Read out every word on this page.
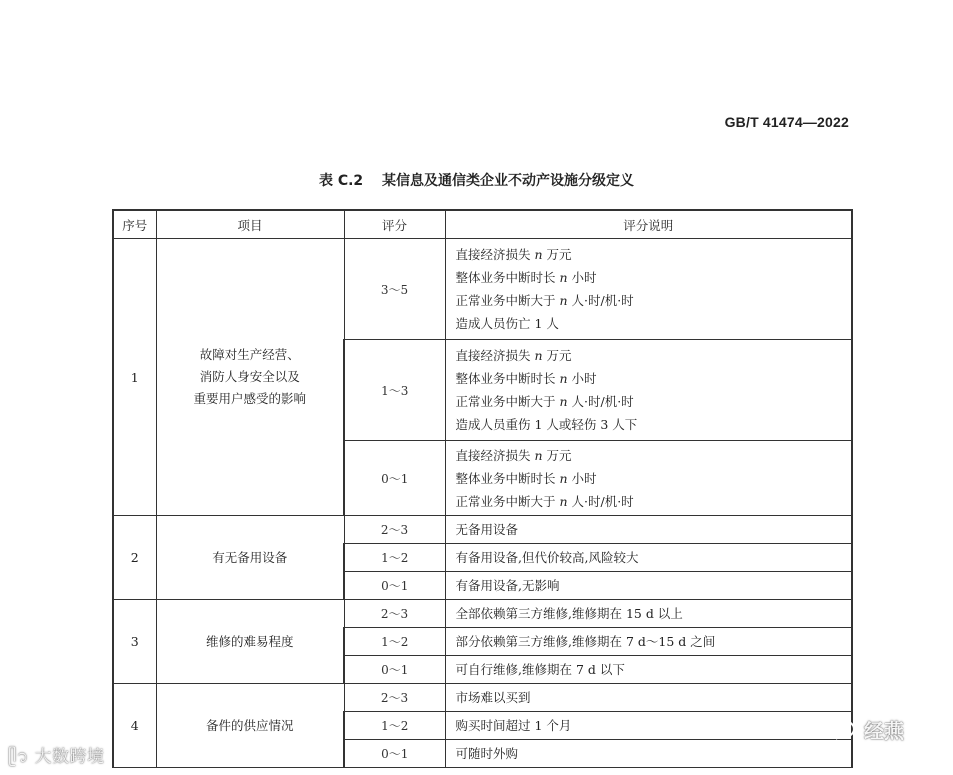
GB/T 41474—2022
表 C.2 某信息及通信类企业不动产设施分级定义
序号	项目	评分	评分说明
1	故障对生产经营、
消防人身安全以及
重要用户感受的影响	3～5	直接经济损失 n 万元
整体业务中断时长 n 小时
正常业务中断大于 n 人·时/机·时
造成人员伤亡 1 人

		1～3	直接经济损失 n 万元
整体业务中断时长 n 小时
正常业务中断大于 n 人·时/机·时
造成人员重伤 1 人或轻伤 3 人下

		0～1	直接经济损失 n 万元
整体业务中断时长 n 小时
正常业务中断大于 n 人·时/机·时

2	有无备用设备	2～3	无备用设备

		1～2	有备用设备,但代价较高,风险较大

		0～1	有备用设备,无影响

3	维修的难易程度	2～3	全部依赖第三方维修,维修期在 15 d 以上

		1～2	部分依赖第三方维修,维修期在 7 d～15 d 之间

		0～1	可自行维修,维修期在 7 d 以下

4	备件的供应情况	2～3	市场难以买到

		1～2	购买时间超过 1 个月

		0～1	可随时外购
ᥫ᭡ 大数跨境
经燕
